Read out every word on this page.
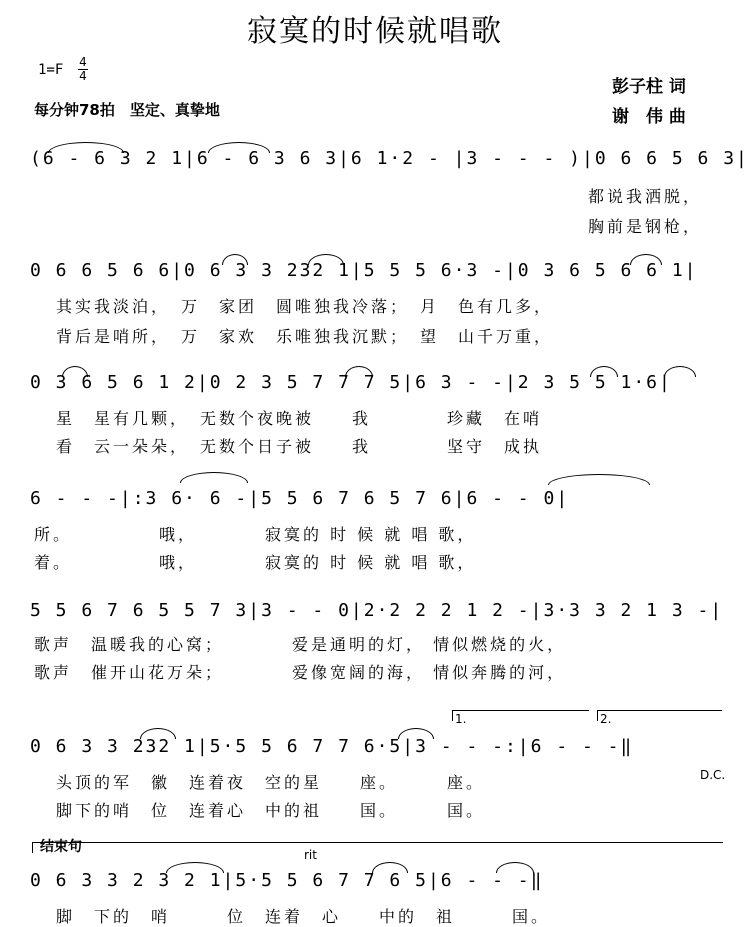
寂寞的时候就唱歌
1=F 4
4
每分钟78拍　坚定、真挚地
彭子柱 词
谢　伟 曲
(6 - 6 3 2 1|6 - 6 3 6 3|6 1·2 - |3 - - - )|0 6 6 5 6 3|
都说我洒脱，
胸前是钢枪，
0 6 6 5 6 6|0 6 3 3 232 1|5 5 5 6·3 -|0 3 6 5 6 6 1|
其实我淡泊，　万　家团　圆唯独我冷落；　月　色有几多，
背后是哨所，　万　家欢　乐唯独我沉默；　望　山千万重，
0 3 6 5 6 1 2|0 2 3 5 7 7 7 5|6 3 - -|2 3 5 5 1·6|
星　星有几颗，　无数个夜晚被　　我　　　　珍藏　在哨
看　云一朵朵，　无数个日子被　　我　　　　坚守　成执
6 - - -|:3 6· 6 -|5 5 6 7 6 5 7 6|6 - - 0|
所。　　　　　哦，　　　　寂寞的 时 候 就 唱 歌，
着。　　　　　哦，　　　　寂寞的 时 候 就 唱 歌，
5 5 6 7 6 5 5 7 3|3 - - 0|2·2 2 2 1 2 -|3·3 3 2 1 3 -|
歌声　温暖我的心窝；　　　　爱是通明的灯， 情似燃烧的火，
歌声　催开山花万朵；　　　　爱像宽阔的海， 情似奔腾的河，
1.	2.
0 6 3 3 232 1|5·5 5 6 7 7 6·5|3 - - -:|6 - - -‖
D.C.
头顶的军　徽　连着夜　空的星　　座。　　　座。
脚下的哨　位　连着心　中的祖　　国。　　　国。
结束句	rit
0 6 3 3 2 3 2 1|5·5 5 6 7 7 6 5|6 - - -‖
脚　下的　哨　　　位　连着　心　　中的　祖　　　国。
